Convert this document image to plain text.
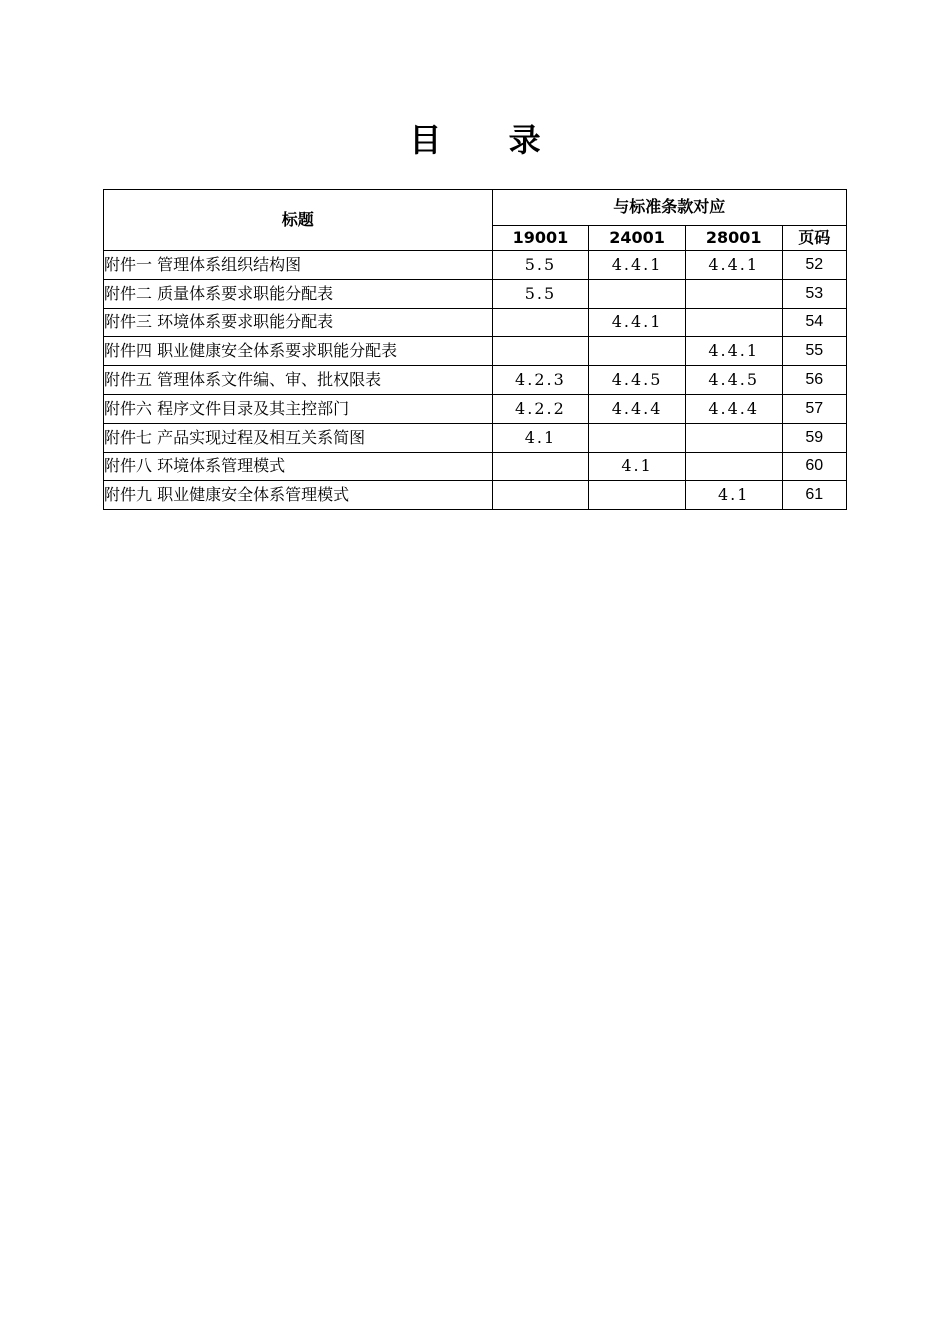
目 录
标题	与标准条款对应			
	19001	24001	28001	页码
附件一 管理体系组织结构图	5.5	4.4.1	4.4.1	52
附件二 质量体系要求职能分配表	5.5			53
附件三 环境体系要求职能分配表		4.4.1		54
附件四 职业健康安全体系要求职能分配表			4.4.1	55
附件五 管理体系文件编、审、批权限表	4.2.3	4.4.5	4.4.5	56
附件六 程序文件目录及其主控部门	4.2.2	4.4.4	4.4.4	57
附件七 产品实现过程及相互关系简图	4.1			59
附件八 环境体系管理模式		4.1		60
附件九 职业健康安全体系管理模式			4.1	61
